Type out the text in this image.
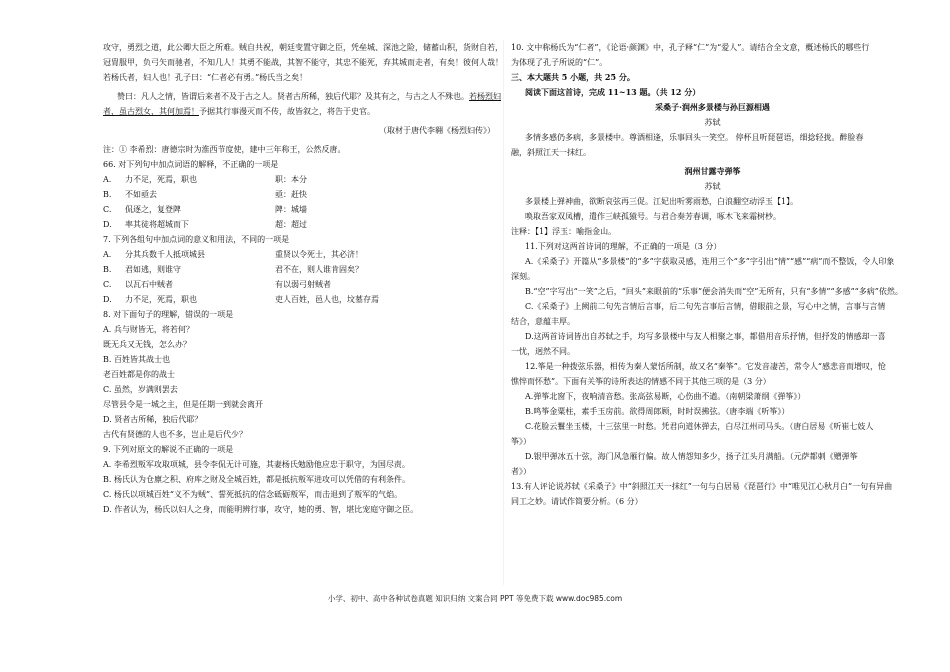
攻守，勇烈之道，此公卿大臣之所难。贼自共祝，朝廷变置守御之臣，凭垒城、深池之险，储蓄山积，货财自若，
冠胄服甲，负弓矢而驰者，不知几人！其勇不能战，其智不能守，其忠不能死，弃其城而走者，有矣！彼何人哉！
若杨氏者，妇人也！孔子曰：“仁者必有勇。”杨氏当之矣！
赞曰：凡人之情，皆谓后来者不及于古之人。贤者古所稀，独后代耶？及其有之，与古之人不殊也。若杨烈妇
者，虽古烈女，其何加焉！予据其行事漫灭而不传，故皆叙之，将告于史官。
（取材于唐代李翱《杨烈妇传》）
注：① 李希烈：唐德宗时为淮西节度使，建中三年称王，公然反唐。
66. 对下列句中加点词语的解释，不正确的一项是
A.	力不足，死焉，职也	职：本分
B.	不如亟去	亟：赶快
C.	侃逐之，复登陴	陴：城墙
D.	率其徒将超城而下	超：超过
7. 下列各组句中加点词的意义和用法，不同的一项是
A.	分其兵数千人抵项城县	重贤以令死士，其必济！
B.	君如逃，则谁守	君不在，则人谁肯固矣？
C.	以瓦石中贼者	有以弱弓射贼者
D.	力不足，死焉，职也	吏人百姓，邑人也，坟墓存焉
8. 对下面句子的理解，错误的一项是
A. 兵与财皆无，将若何？
既无兵又无钱，怎么办？
B. 百姓皆其战士也
老百姓都是你的战士
C. 虽然，岁满则罢去
尽管县令是一城之主，但是任期一到就会离开
D. 贤者古所稀，独后代耶？
古代有贤德的人也不多，岂止是后代少？
9. 下列对原文的解说不正确的一项是
A. 李希烈叛军攻取项城，县令李侃无计可施，其妻杨氏勉励他应忠于职守，为国尽责。
B. 杨氏认为仓廪之积、府库之财及全城百姓，都是抵抗叛军进攻可以凭借的有利条件。
C. 杨氏以项城百姓“义不为贼”、誓死抵抗的信念砥砺叛军，而击退到了叛军的气焰。
D. 作者认为，杨氏以妇人之身，而能明辨行事，攻守，她的勇、智，堪比宠庭守御之臣。
10. 文中称杨氏为“仁者”，《论语·颜渊》中，孔子释“仁”为“爱人”。请结合全文意，概述杨氏的哪些行
为体现了孔子所说的“仁”。
三、本大题共 5 小题，共 25 分。
阅读下面这首诗，完成 11~13 题。（共 12 分）
采桑子·润州多景楼与孙巨源相遇
苏轼
多情多感仍多病，多景楼中。尊酒相逢，乐事回头一笑空。 停杯且听琵琶语，细捻轻拢。醉脸春
融，斜照江天一抹红。
润州甘露寺弹筝
苏轼
多景楼上弹神曲，欲断哀弦再三促。江妃出听雾雨愁，白浪翻空动浮玉【1】。
唤取吾家双凤槽，遣作三峡孤猿号。与君合奏芳春调，啄木飞来霜树杪。
注释：【1】浮玉：喻指金山。
11.下列对这两首诗词的理解，不正确的一项是（3 分）
A.《采桑子》开篇从“多景楼”的“多”字获取灵感，连用三个“多”字引出“情”“感”“病”而不整饭，令人印象
深刻。
B.“空”字写出“一笑”之后，“回头”来眼前的“乐事”便会消失而“空”无所有，只有“多情”“多感”“多病”依然。
C.《采桑子》上阙前二句先言情后言事，后二句先言事后言情，借眼前之景，写心中之情，言事与言情
结合，意蕴丰厚。
D.这两首诗词皆出自苏轼之手，均写多景楼中与友人相聚之事，都借用音乐抒情，但抒发的情感却一喜
一忧，迥然不同。
12.筝是一种拨弦乐器，相传为秦人蒙恬所制，故又名“秦筝”。它发音凄苦，常令人“感悲音而增叹，怆
憔悴而怀愁”。下面有关筝的诗所表达的情感不同于其他三项的是（3 分）
A.弹筝北窗下，夜响清音愁。张高弦易断，心伤曲不遒。（南朝梁萧纲《弹筝》）
B.鸣筝金粟柱，素手玉房前。欲得周郎顾，时时误拂弦。（唐李端《听筝》）
C.花脸云鬟坐玉楼，十三弦里一时愁。凭君向道休弹去，白尽江州司马头。（唐白居易《听崔七妓人
筝》）
D.银甲弹冰五十弦，海门风急雁行偏。故人情怨知多少，扬子江头月满船。（元萨都刺《赠弹筝
者》）
13.有人评论说苏轼《采桑子》中“斜照江天一抹红”一句与白居易《琵琶行》中“唯见江心秋月白”一句有异曲
同工之妙。请试作简要分析。（6 分）
小学、初中、高中各种试卷真题 知识归纳 文案合同 PPT 等免费下载 www.doc985.com
